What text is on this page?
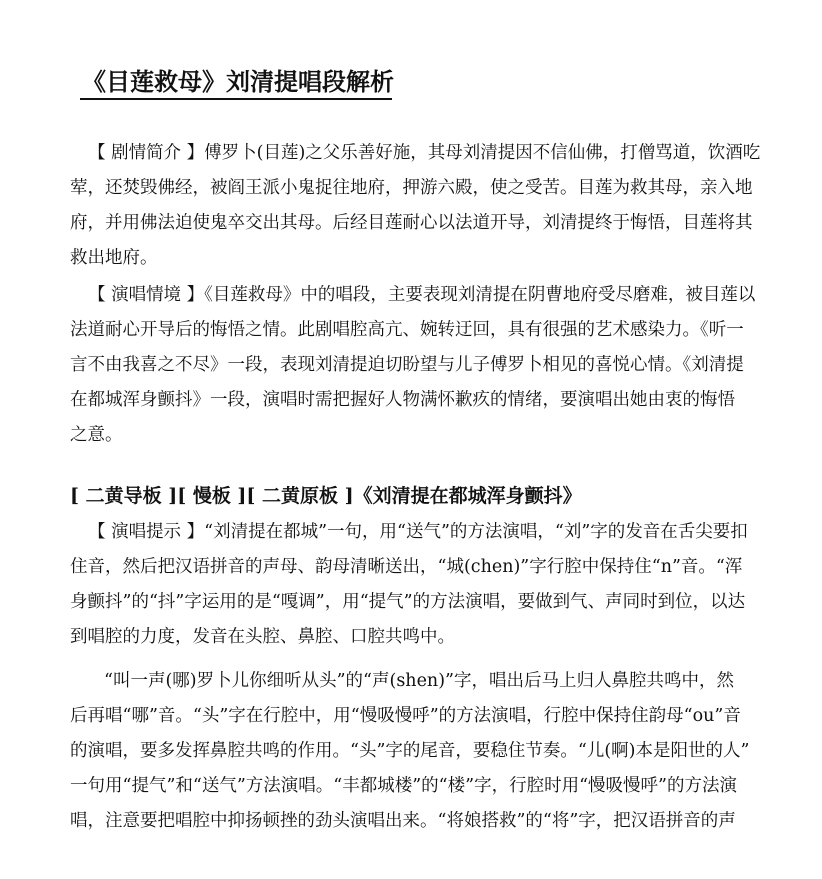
《目莲救母》刘清提唱段解析
【 剧情简介 】傅罗卜(目莲)之父乐善好施，其母刘清提因不信仙佛，打僧骂道，饮酒吃
荤，还焚毁佛经，被阎王派小鬼捉往地府，押游六殿，使之受苦。目莲为救其母，亲入地
府，并用佛法迫使鬼卒交出其母。后经目莲耐心以法道开导，刘清提终于悔悟，目莲将其
救出地府。
【 演唱情境 】《目莲救母》中的唱段，主要表现刘清提在阴曹地府受尽磨难，被目莲以
法道耐心开导后的悔悟之情。此剧唱腔高亢、婉转迂回，具有很强的艺术感染力。《听一
言不由我喜之不尽》一段，表现刘清提迫切盼望与儿子傅罗卜相见的喜悦心情。《刘清提
在都城浑身颤抖》一段，演唱时需把握好人物满怀歉疚的情绪，要演唱出她由衷的悔悟
之意。
[ 二黄导板 ][ 慢板 ][ 二黄原板 ]《刘清提在都城浑身颤抖》
【 演唱提示 】“刘清提在都城”一句，用“送气”的方法演唱，“刘”字的发音在舌尖要扣
住音，然后把汉语拼音的声母、韵母清晰送出，“城(chen)”字行腔中保持住“n”音。“浑
身颤抖”的“抖”字运用的是“嘎调”，用“提气”的方法演唱，要做到气、声同时到位，以达
到唱腔的力度，发音在头腔、鼻腔、口腔共鸣中。
“叫一声(哪)罗卜儿你细听从头”的“声(shen)”字，唱出后马上归人鼻腔共鸣中，然
后再唱“哪”音。“头”字在行腔中，用“慢吸慢呼”的方法演唱，行腔中保持住韵母“ou”音
的演唱，要多发挥鼻腔共鸣的作用。“头”字的尾音，要稳住节奏。“儿(啊)本是阳世的人”
一句用“提气”和“送气”方法演唱。“丰都城楼”的“楼”字，行腔时用“慢吸慢呼”的方法演
唱，注意要把唱腔中抑扬顿挫的劲头演唱出来。“将娘搭救”的“将”字，把汉语拼音的声
